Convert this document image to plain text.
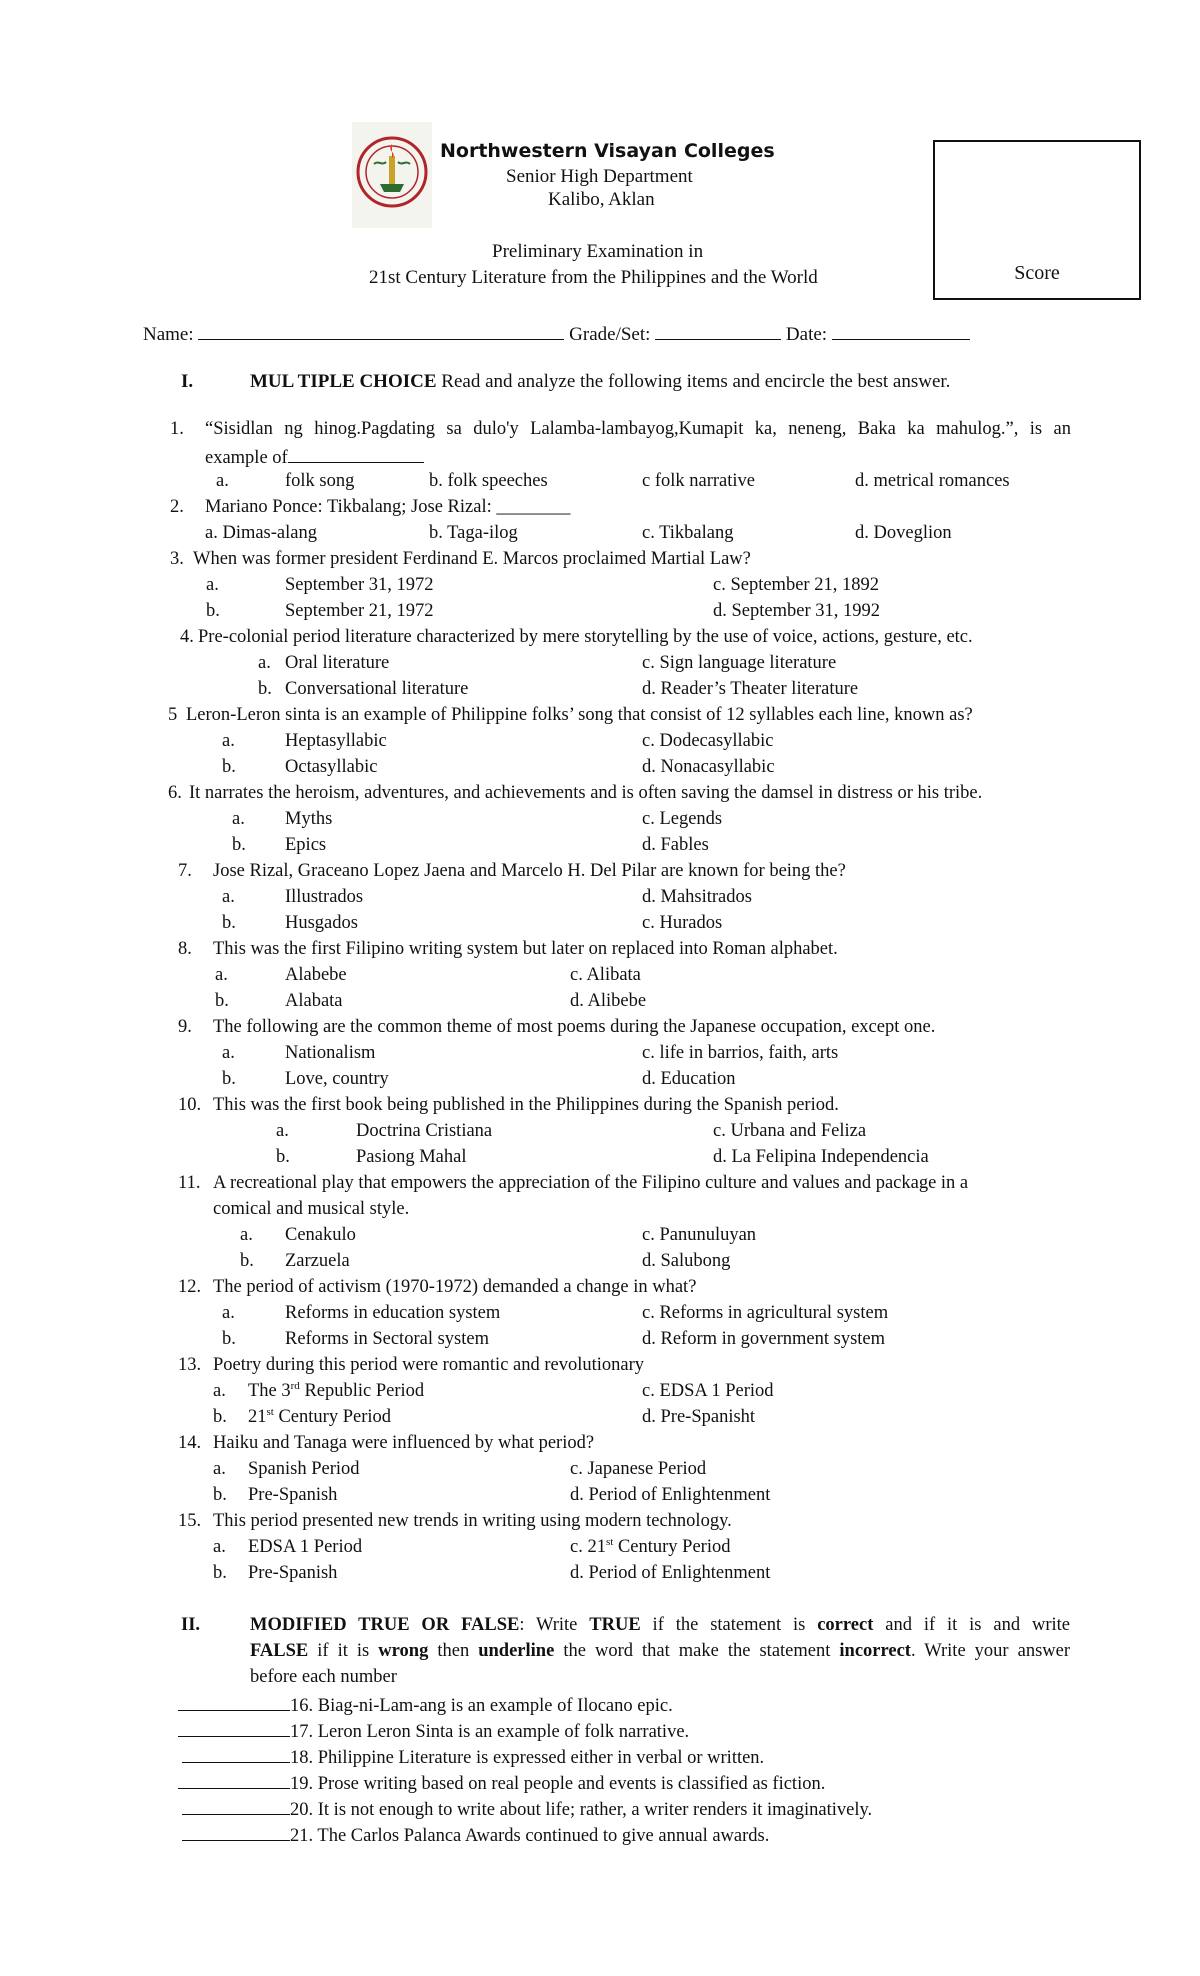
Northwestern Visayan Colleges
Senior High Department
Kalibo, Aklan
Preliminary Examination in
21st Century Literature from the Philippines and the World	Score
Name:	Grade/Set:	Date:
I.	MUL TIPLE CHOICE Read and analyze the following items and encircle the best answer.
1. “Sisidlan ng hinog.Pagdating sa dulo'y Lalamba-lambayog,Kumapit ka, neneng, Baka ka mahulog.”, is an
example of
a.	folk song	b. folk speeches	c folk narrative	d. metrical romances
2. Mariano Ponce: Tikbalang; Jose Rizal: ________
a. Dimas-alang	b. Taga-ilog	c. Tikbalang	d. Doveglion
3. When was former president Ferdinand E. Marcos proclaimed Martial Law?
a.	September 31, 1972	c. September 21, 1892
b.	September 21, 1972	d. September 31, 1992
4. Pre-colonial period literature characterized by mere storytelling by the use of voice, actions, gesture, etc.
a. Oral literature	c. Sign language literature
b. Conversational literature	d. Reader’s Theater literature
5 Leron-Leron sinta is an example of Philippine folks’ song that consist of 12 syllables each line, known as?
a.	Heptasyllabic	c. Dodecasyllabic
b.	Octasyllabic	d. Nonacasyllabic
6. It narrates the heroism, adventures, and achievements and is often saving the damsel in distress or his tribe.
a. Myths	c. Legends
b. Epics	d. Fables
7. Jose Rizal, Graceano Lopez Jaena and Marcelo H. Del Pilar are known for being the?
a.	Illustrados	d. Mahsitrados
b.	Husgados	c. Hurados
8. This was the first Filipino writing system but later on replaced into Roman alphabet.
a.	Alabebe	c. Alibata
b.	Alabata	d. Alibebe
9. The following are the common theme of most poems during the Japanese occupation, except one.
a.	Nationalism	c. life in barrios, faith, arts
b.	Love, country	d. Education
10. This was the first book being published in the Philippines during the Spanish period.
a.	Doctrina Cristiana	c. Urbana and Feliza
b.	Pasiong Mahal	d. La Felipina Independencia
11. A recreational play that empowers the appreciation of the Filipino culture and values and package in a
comical and musical style.
a. Cenakulo	c. Panunuluyan
b. Zarzuela	d. Salubong
12. The period of activism (1970-1972) demanded a change in what?
a.	Reforms in education system	c. Reforms in agricultural system
b.	Reforms in Sectoral system	d. Reform in government system
13. Poetry during this period were romantic and revolutionary
a. The 3rd Republic Period	c. EDSA 1 Period
b. 21st Century Period	d. Pre-Spanisht
14. Haiku and Tanaga were influenced by what period?
a. Spanish Period	c. Japanese Period
b. Pre-Spanish	d. Period of Enlightenment
15. This period presented new trends in writing using modern technology.
a. EDSA 1 Period	c. 21st Century Period
b. Pre-Spanish	d. Period of Enlightenment
II.	MODIFIED TRUE OR FALSE: Write TRUE if the statement is correct and if it is and write
FALSE if it is wrong then underline the word that make the statement incorrect. Write your answer
before each number
16. Biag-ni-Lam-ang is an example of Ilocano epic.
17. Leron Leron Sinta is an example of folk narrative.
18. Philippine Literature is expressed either in verbal or written.
19. Prose writing based on real people and events is classified as fiction.
20. It is not enough to write about life; rather, a writer renders it imaginatively.
21. The Carlos Palanca Awards continued to give annual awards.
